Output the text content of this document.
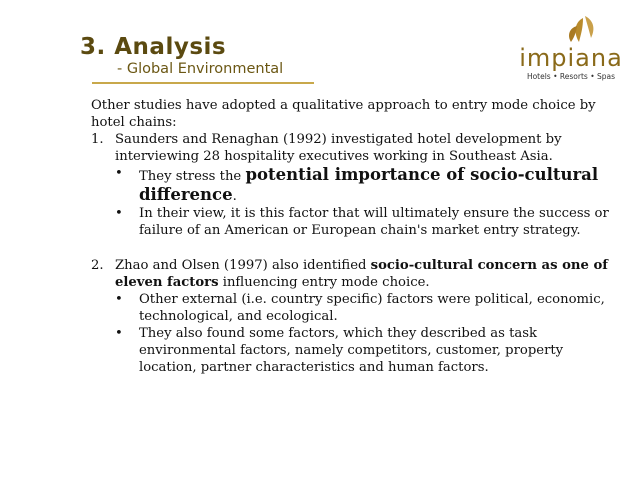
3. Analysis
- Global Environmental	impiana
Hotels • Resorts • Spas

Other studies have adopted a qualitative approach to entry mode choice by hotel chains:

1. Saunders and Renaghan (1992) investigated hotel development by interviewing 28 hospitality executives working in Southeast Asia.
•	They stress the potential importance of socio-cultural difference.
•	In their view, it is this factor that will ultimately ensure the success or failure of an American or European chain's market entry strategy.
2. Zhao and Olsen (1997) also identified socio-cultural concern as one of eleven factors influencing entry mode choice.
•	Other external (i.e. country specific) factors were political, economic, technological, and ecological.
•	They also found some factors, which they described as task environmental factors, namely competitors, customer, property location, partner characteristics and human factors.
